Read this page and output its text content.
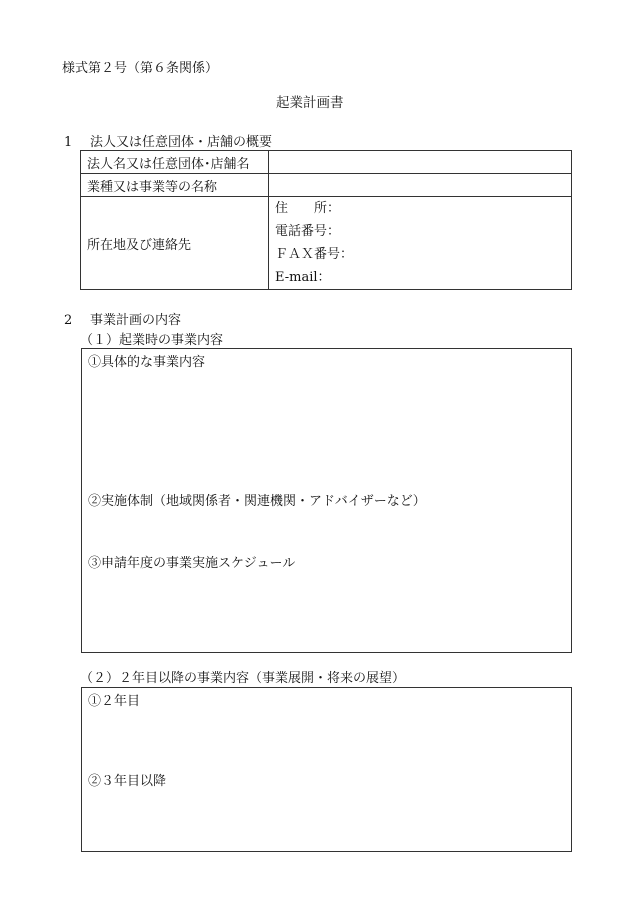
様式第２号（第６条関係）
起業計画書
1 法人又は任意団体・店舗の概要
法人名又は任意団体･店舗名	
業種又は事業等の名称	
所在地及び連絡先	住　　所：
電話番号：
ＦＡＸ番号：
E-mail：
2 事業計画の内容
（１）起業時の事業内容
①具体的な事業内容
②実施体制（地域関係者・関連機関・アドバイザーなど）
③申請年度の事業実施スケジュール
（２）２年目以降の事業内容（事業展開・将来の展望）
①２年目
②３年目以降
